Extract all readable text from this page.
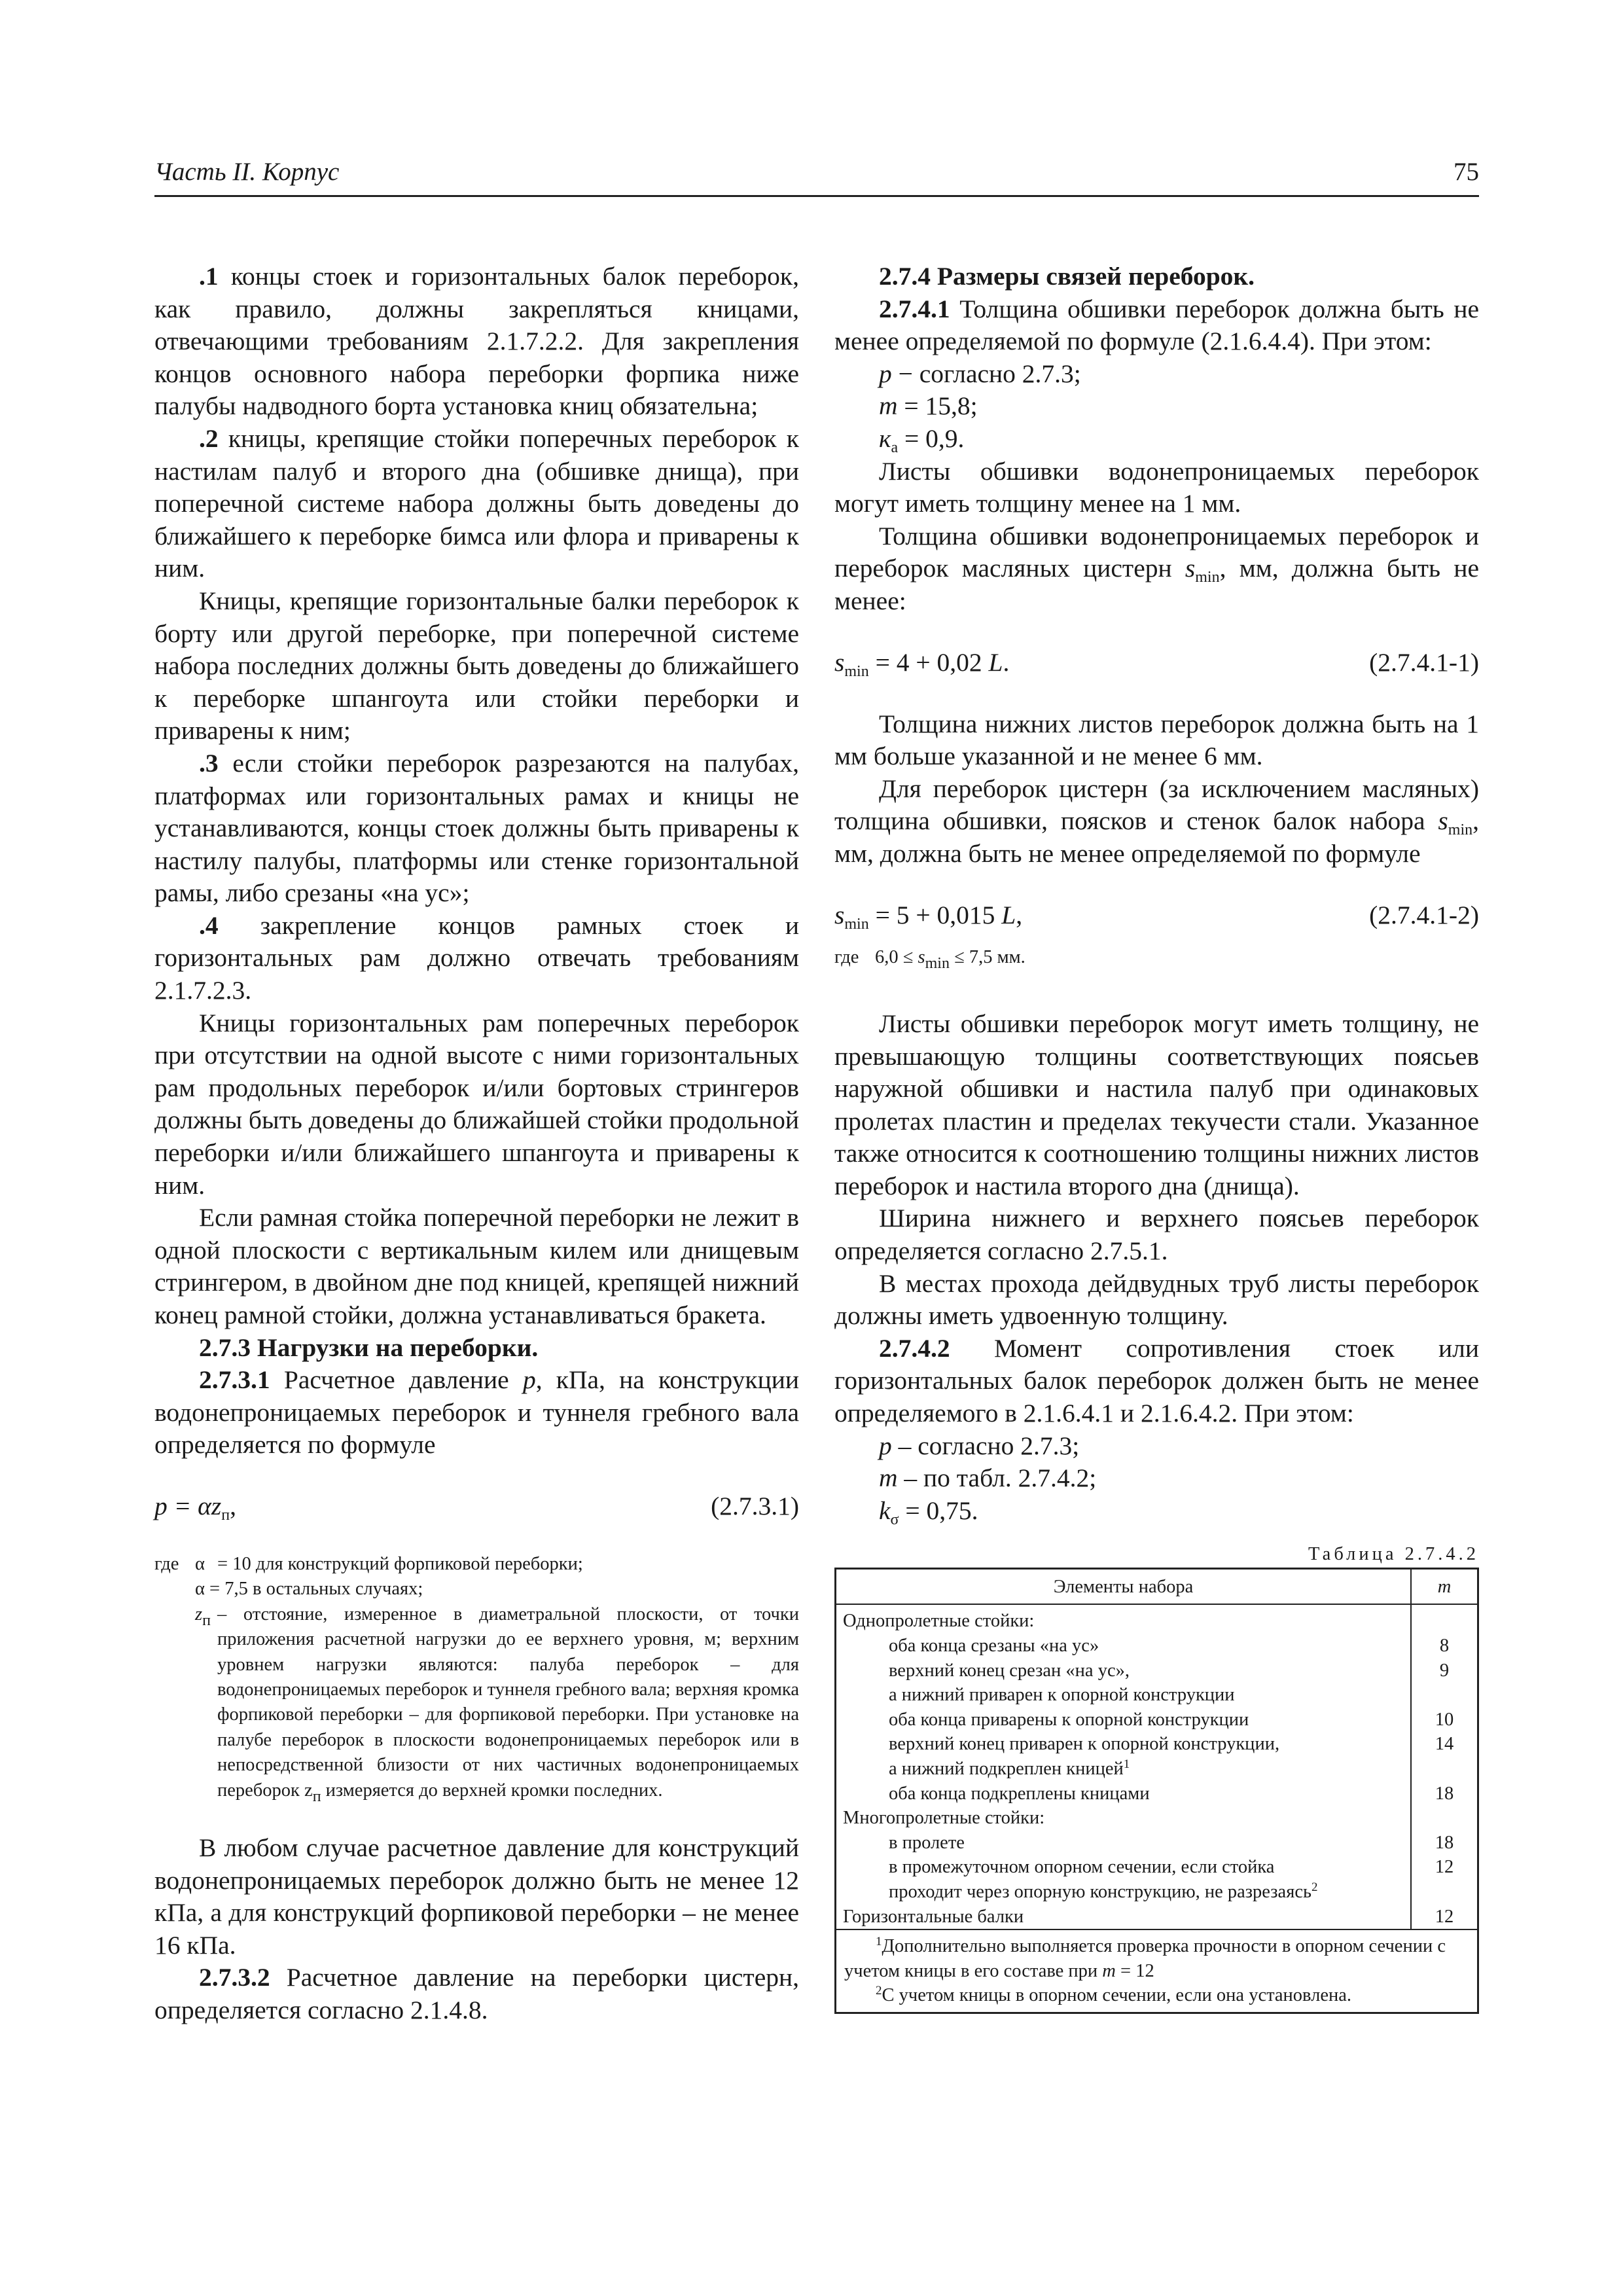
Часть II. Корпус	75

.1 концы стоек и горизонтальных балок переборок, как правило, должны закрепляться кницами, отвечающими требованиям 2.1.7.2.2. Для закрепления концов основного набора переборки форпика ниже палубы надводного борта установка книц обязательна;

.2 кницы, крепящие стойки поперечных переборок к настилам палуб и второго дна (обшивке днища), при поперечной системе набора должны быть доведены до ближайшего к переборке бимса или флора и приварены к ним.

Кницы, крепящие горизонтальные балки переборок к борту или другой переборке, при поперечной системе набора последних должны быть доведены до ближайшего к переборке шпангоута или стойки переборки и приварены к ним;

.3 если стойки переборок разрезаются на палубах, платформах или горизонтальных рамах и кницы не устанавливаются, концы стоек должны быть приварены к настилу палубы, платформы или стенке горизонтальной рамы, либо срезаны «на ус»;

.4 закрепление концов рамных стоек и горизонтальных рам должно отвечать требованиям 2.1.7.2.3.

Кницы горизонтальных рам поперечных переборок при отсутствии на одной высоте с ними горизонтальных рам продольных переборок и/или бортовых стрингеров должны быть доведены до ближайшей стойки продольной переборки и/или ближайшего шпангоута и приварены к ним.

Если рамная стойка поперечной переборки не лежит в одной плоскости с вертикальным килем или днищевым стрингером, в двойном дне под кницей, крепящей нижний конец рамной стойки, должна устанавливаться бракета.

2.7.3 Нагрузки на переборки.

2.7.3.1 Расчетное давление p, кПа, на конструкции водонепроницаемых переборок и туннеля гребного вала определяется по формуле

$p = \alpha z_п$,	(2.7.3.1)
где α = 10 для конструкций форпиковой переборки;
α = 7,5 в остальных случаях;
$z_п$ – отстояние, измеренное в диаметральной плоскости, от точки приложения расчетной нагрузки до ее верхнего уровня, м; верхним уровнем нагрузки являются: палуба переборок – для водонепроницаемых переборок и туннеля гребного вала; верхняя кромка форпиковой переборки – для форпиковой переборки. При установке на палубе переборок в плоскости водонепроницаемых переборок или в непосредственной близости от них частичных водонепроницаемых переборок $z_п$ измеряется до верхней кромки последних.

В любом случае расчетное давление для конструкций водонепроницаемых переборок должно быть не менее 12 кПа, а для конструкций форпиковой переборки – не менее 16 кПа.

2.7.3.2 Расчетное давление на переборки цистерн, определяется согласно 2.1.4.8.

2.7.4 Размеры связей переборок.

2.7.4.1 Толщина обшивки переборок должна быть не менее определяемой по формуле (2.1.6.4.4). При этом:

p − согласно 2.7.3;

m = 15,8;

$к_a = 0,9$.

Листы обшивки водонепроницаемых переборок могут иметь толщину менее на 1 мм.

Толщина обшивки водонепроницаемых переборок и переборок масляных цистерн $s_{min}$, мм, должна быть не менее:

$s_{min} = 4 + 0,02$ L.	(2.7.4.1-1)

Толщина нижних листов переборок должна быть на 1 мм больше указанной и не менее 6 мм.

Для переборок цистерн (за исключением масляных) толщина обшивки, поясков и стенок балок набора $s_{min}$, мм, должна быть не менее определяемой по формуле

$s_{min} = 5 + 0,015$ L,	(2.7.4.1-2)
где $6,0 \le s_{min} \le 7,5$ мм.

Листы обшивки переборок могут иметь толщину, не превышающую толщины соответствующих поясьев наружной обшивки и настила палуб при одинаковых пролетах пластин и пределах текучести стали. Указанное также относится к соотношению толщины нижних листов переборок и настила второго дна (днища).

Ширина нижнего и верхнего поясьев переборок определяется согласно 2.7.5.1.

В местах прохода дейдвудных труб листы переборок должны иметь удвоенную толщину.

2.7.4.2 Момент сопротивления стоек или горизонтальных балок переборок должен быть не менее определяемого в 2.1.6.4.1 и 2.1.6.4.2. При этом:

p – согласно 2.7.3;

m – по табл. 2.7.4.2;

$k_\sigma = 0,75$.

Таблица 2.7.4.2
Элементы набора	m
Однопролетные стойки:	
оба конца срезаны «на ус»	8
верхний конец срезан «на ус»,	9
а нижний приварен к опорной конструкции	
оба конца приварены к опорной конструкции	10
верхний конец приварен к опорной конструкции,	14
а нижний подкреплен кницей$^1$	
оба конца подкреплены кницами	18
Многопролетные стойки:	
в пролете	18
в промежуточном опорном сечении, если стойка	12
проходит через опорную конструкцию, не разрезаясь$^2$	
Горизонтальные балки	12

$^1$Дополнительно выполняется проверка прочности в опорном сечении с учетом кницы в его составе при m = 12
$^2$С учетом кницы в опорном сечении, если она установлена.	
